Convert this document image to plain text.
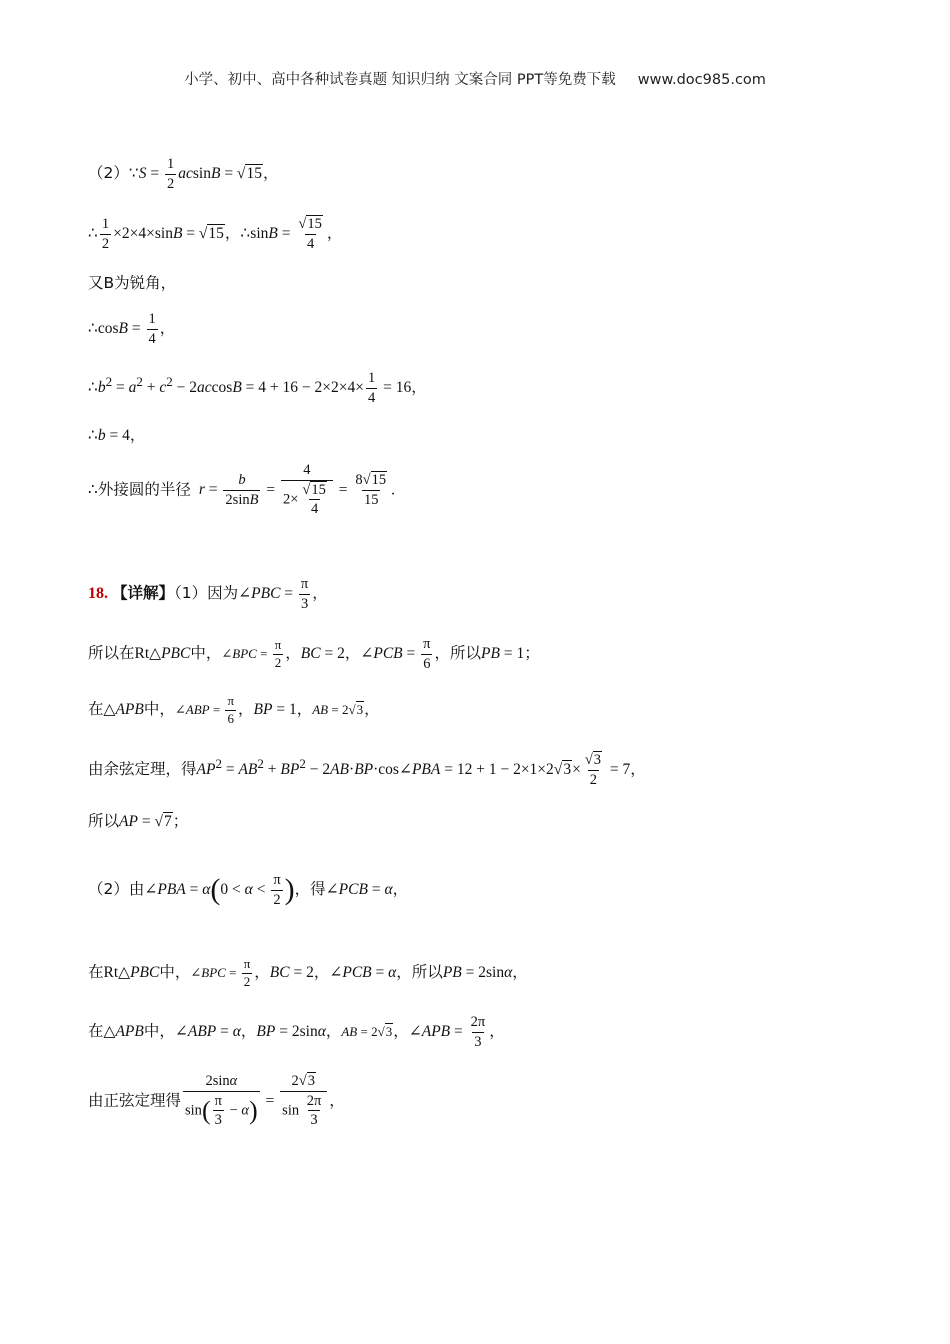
小学、初中、高中各种试卷真题 知识归纳 文案合同 PPT等免费下载 www.doc985.com
（2）∵S = $\frac{1}{2}$ acsinB = √15，
∴ $\frac{1}{2} \times 2\times 4\times\sin B = √15$，∴sinB = $\frac{√15}{4}$ ，
又B为锐角，
∴cosB = $\frac{1}{4}$ ，
$\therefore b^2 = a^2 + c^2 - 2accosB = 4 + 16 - 2\times 2\times 4\times \frac{1}{4} = 16$，
∴b = 4，
∴外接圆的半径 $r = \frac{b}{2\sin B} = \frac{4}{2\times \frac{√15}{4}} = \frac{8√15}{15}$ .
18. 【详解】（1）因为∠PBC = $\frac{\pi}{3}$ ，
所以在Rt△PBC中，∠BPC = $\frac{\pi}{2}$ ，BC = 2，∠PCB = $\frac{\pi}{6}$ ，所以PB = 1；
在△APB中，∠ABP = $\frac{\pi}{6}$ ，BP = 1，AB = 2√3，
由余弦定理，得$AP^2 = AB^2 + BP^2$ − 2AB·BP·cos∠PBA = $12 + 1 - 2\times 1\times 2√3\times \frac{√3}{2} = 7$，
所以AP = √7；
（2）由∠PBA = $\alpha(0 < \alpha < \frac{\pi}{2}$ )，得∠PCB = α，
在Rt△PBC中，∠BPC = $\frac{\pi}{2}$ ，BC = 2，∠PCB = α，所以PB = 2sinα，
在△APB中，∠ABP = α，BP = 2sinα，AB = 2√3，∠APB = $\frac{2\pi}{3}$ ，
由正弦定理得 $\frac{2\sin\alpha}{\sin( \frac{\pi}{3} - \alpha)} = \frac{2√3}{\sin \frac{2\pi}{3}}$ ，
